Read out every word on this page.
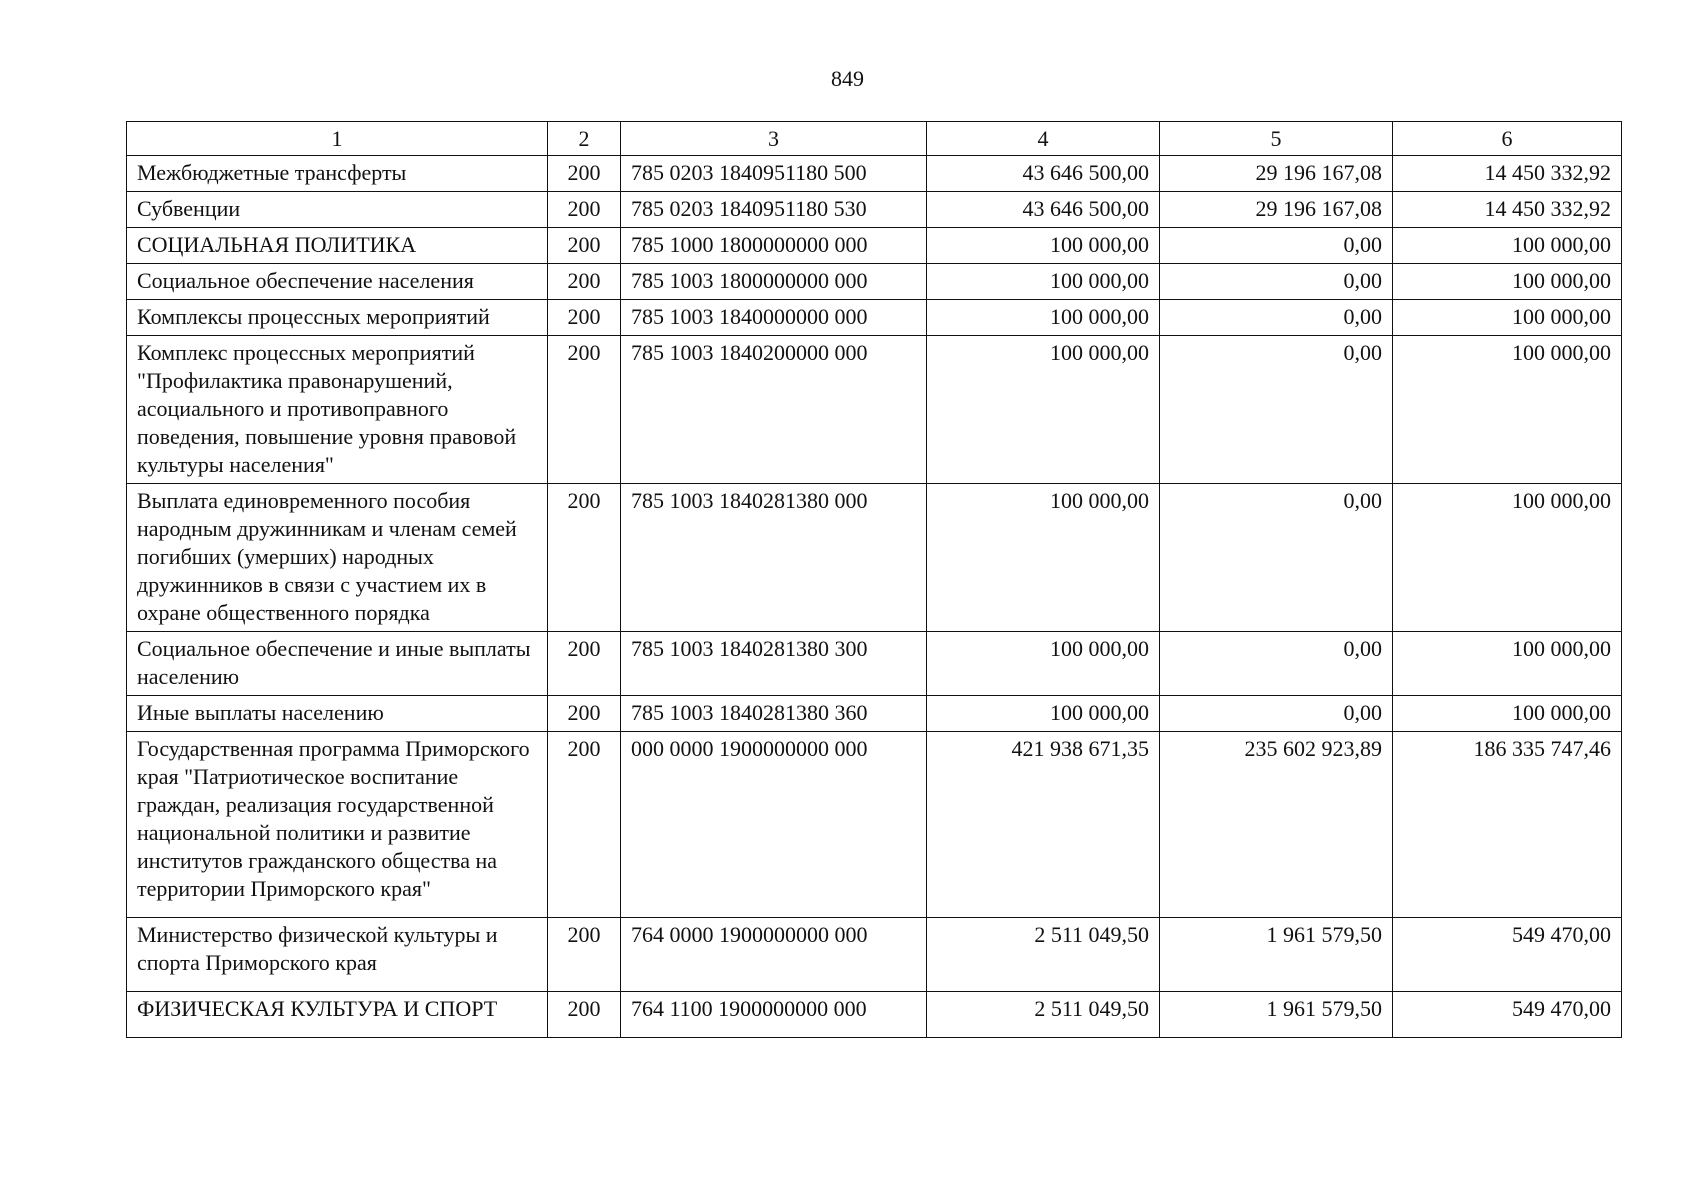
849
1	2	3	4	5	6
Межбюджетные трансферты	200	785 0203 1840951180 500	43 646 500,00	29 196 167,08	14 450 332,92
Субвенции	200	785 0203 1840951180 530	43 646 500,00	29 196 167,08	14 450 332,92
СОЦИАЛЬНАЯ ПОЛИТИКА	200	785 1000 1800000000 000	100 000,00	0,00	100 000,00
Социальное обеспечение населения	200	785 1003 1800000000 000	100 000,00	0,00	100 000,00
Комплексы процессных мероприятий	200	785 1003 1840000000 000	100 000,00	0,00	100 000,00
Комплекс процессных мероприятий "Профилактика правонарушений, асоциального и противоправного поведения, повышение уровня правовой культуры населения"	200	785 1003 1840200000 000	100 000,00	0,00	100 000,00
Выплата единовременного пособия народным дружинникам и членам семей погибших (умерших) народных дружинников в связи с участием их в охране общественного порядка	200	785 1003 1840281380 000	100 000,00	0,00	100 000,00
Социальное обеспечение и иные выплаты населению	200	785 1003 1840281380 300	100 000,00	0,00	100 000,00
Иные выплаты населению	200	785 1003 1840281380 360	100 000,00	0,00	100 000,00
Государственная программа Приморского края "Патриотическое воспитание граждан, реализация государственной национальной политики и развитие институтов гражданского общества на территории Приморского края"	200	000 0000 1900000000 000	421 938 671,35	235 602 923,89	186 335 747,46
Министерство физической культуры и спорта Приморского края	200	764 0000 1900000000 000	2 511 049,50	1 961 579,50	549 470,00
ФИЗИЧЕСКАЯ КУЛЬТУРА И СПОРТ	200	764 1100 1900000000 000	2 511 049,50	1 961 579,50	549 470,00
